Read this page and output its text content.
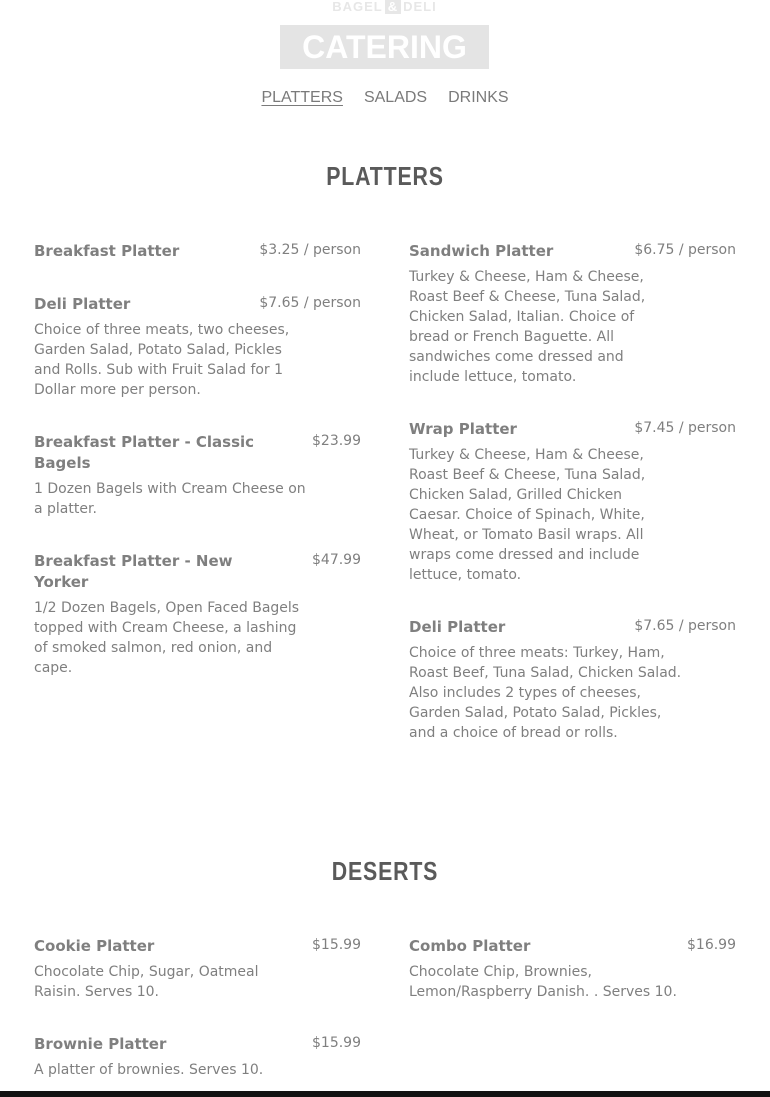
BAGEL & DELI
CATERING
PLATTERS SALADS DRINKS
PLATTERS
Breakfast Platter	$3.25 / person
Deli Platter	$7.65 / person
Choice of three meats, two cheeses, Garden Salad, Potato Salad, Pickles and Rolls. Sub with Fruit Salad for 1 Dollar more per person.
Breakfast Platter - Classic Bagels
$23.99
1 Dozen Bagels with Cream Cheese on a platter.
Breakfast Platter - New Yorker
$47.99
1/2 Dozen Bagels, Open Faced Bagels topped with Cream Cheese, a lashing of smoked salmon, red onion, and cape.
Sandwich Platter	$6.75 / person
Turkey & Cheese, Ham & Cheese, Roast Beef & Cheese, Tuna Salad, Chicken Salad, Italian. Choice of bread or French Baguette. All sandwiches come dressed and include lettuce, tomato.
Wrap Platter	$7.45 / person
Turkey & Cheese, Ham & Cheese, Roast Beef & Cheese, Tuna Salad, Chicken Salad, Grilled Chicken Caesar. Choice of Spinach, White, Wheat, or Tomato Basil wraps. All wraps come dressed and include lettuce, tomato.
Deli Platter	$7.65 / person
Choice of three meats: Turkey, Ham, Roast Beef, Tuna Salad, Chicken Salad. Also includes 2 types of cheeses, Garden Salad, Potato Salad, Pickles, and a choice of bread or rolls.
DESERTS
Cookie Platter	$15.99
Chocolate Chip, Sugar, Oatmeal Raisin. Serves 10.
Brownie Platter	$15.99
A platter of brownies. Serves 10.
Combo Platter	$16.99
Chocolate Chip, Brownies, Lemon/Raspberry Danish. . Serves 10.
